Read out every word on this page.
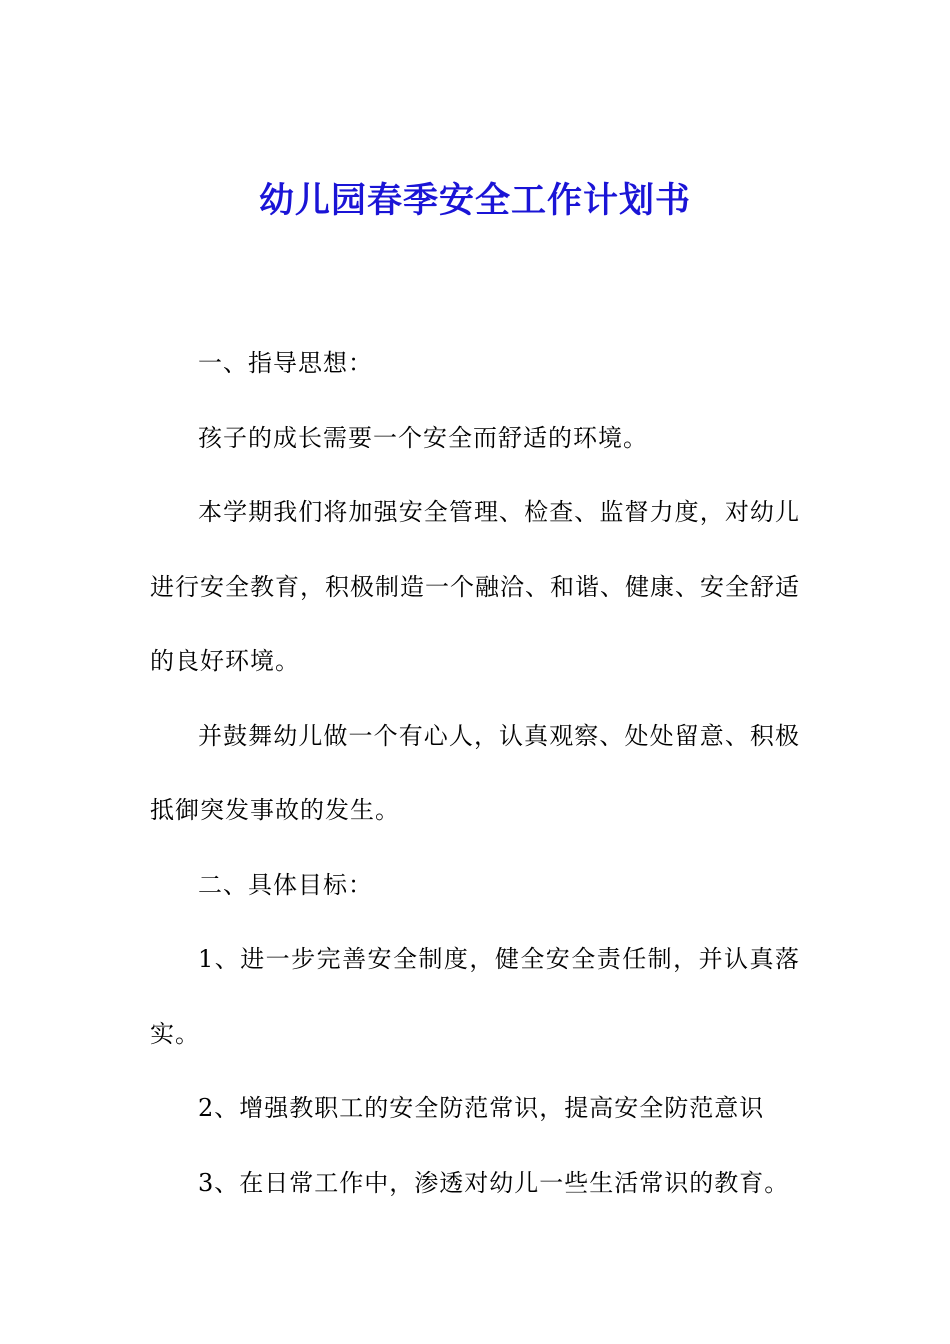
幼儿园春季安全工作计划书

一、指导思想：

孩子的成长需要一个安全而舒适的环境。

本学期我们将加强安全管理、检查、监督力度，对幼儿进行安全教育，积极制造一个融洽、和谐、健康、安全舒适的良好环境。

并鼓舞幼儿做一个有心人，认真观察、处处留意、积极抵御突发事故的发生。

二、具体目标：

1、进一步完善安全制度，健全安全责任制，并认真落实。

2、增强教职工的安全防范常识，提高安全防范意识

3、在日常工作中，渗透对幼儿一些生活常识的教育。
